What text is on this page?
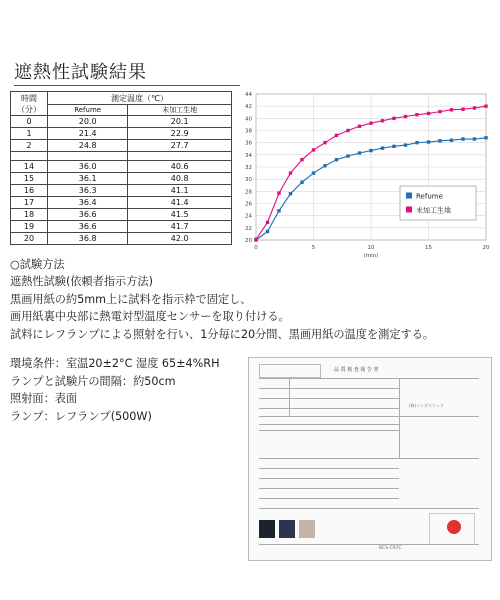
遮熱性試験結果
時間
（分）	測定温度（℃）	
	Refume	未加工生地
0	20.0	20.1
1	21.4	22.9
2	24.8	27.7

14	36.0	40.6
15	36.1	40.8
16	36.3	41.1
17	36.4	41.4
18	36.6	41.5
19	36.6	41.7
20	36.8	42.0	20
22
24
26
28
30
32
34
36
38
40
42
44
0	5	10	15	20
(min)
Refume
未加工生地
○試験方法
遮熱性試験(依頼者指示方法)
黒画用紙の約5mm上に試料を指示枠で固定し、
画用紙裏中央部に熱電対型温度センサーを取り付ける。
試料にレフランプによる照射を行い、1分毎に20分間、黒画用紙の温度を測定する。
環境条件：室温20±2°C 湿度 65±4%RH
ランプと試験片の間隔：約50cm
照射面：表面
ランプ：レフランプ(500W)
品 質 検 査 報 告 書
(株)インダスウッド
BCS-C97C
